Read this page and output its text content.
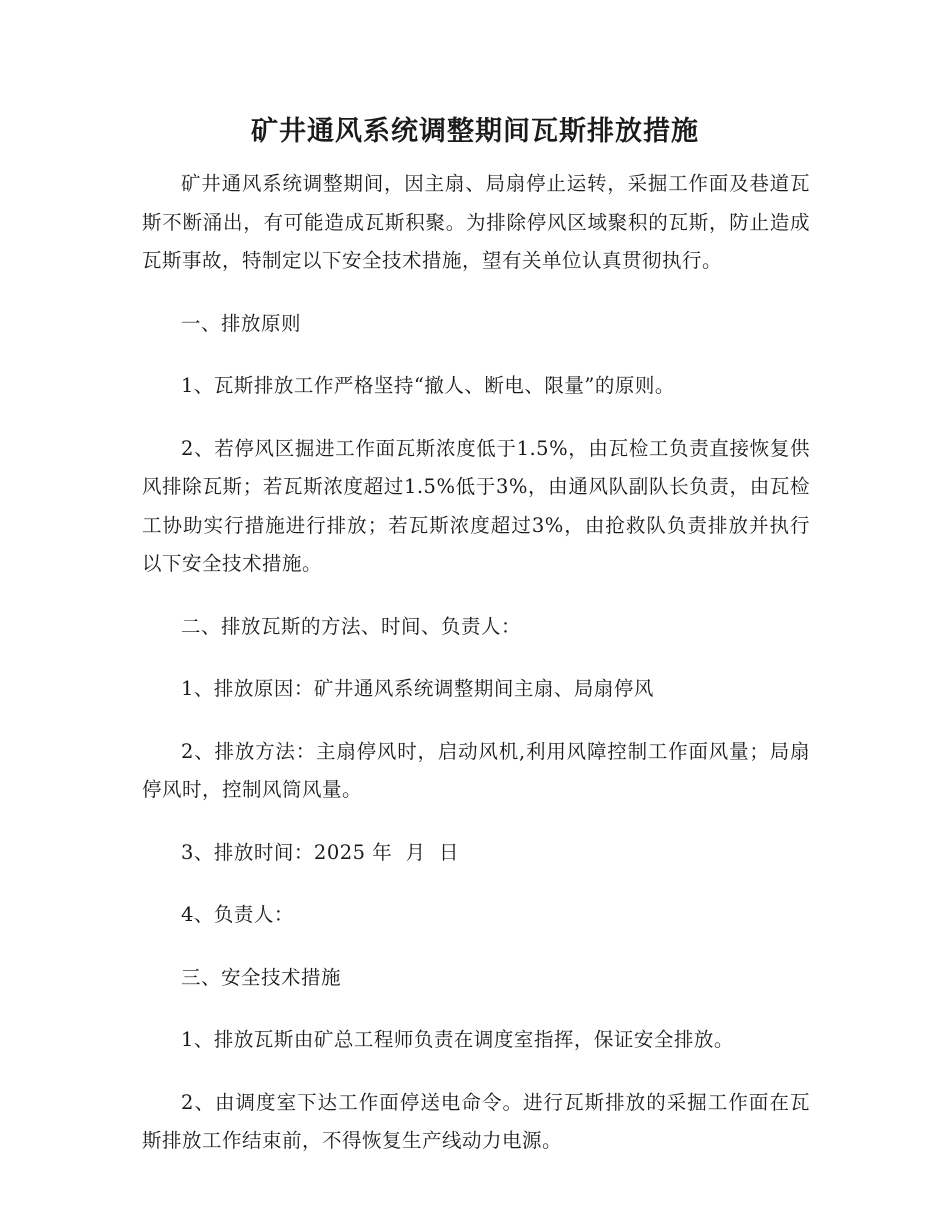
矿井通风系统调整期间瓦斯排放措施

矿井通风系统调整期间，因主扇、局扇停止运转，采掘工作面及巷道瓦斯不断涌出，有可能造成瓦斯积聚。为排除停风区域聚积的瓦斯，防止造成瓦斯事故，特制定以下安全技术措施，望有关单位认真贯彻执行。

一、排放原则

1、瓦斯排放工作严格坚持“撤人、断电、限量”的原则。

2、若停风区掘进工作面瓦斯浓度低于1.5%，由瓦检工负责直接恢复供风排除瓦斯；若瓦斯浓度超过1.5%低于3%，由通风队副队长负责，由瓦检工协助实行措施进行排放；若瓦斯浓度超过3%，由抢救队负责排放并执行以下安全技术措施。

二、排放瓦斯的方法、时间、负责人：

1、排放原因：矿井通风系统调整期间主扇、局扇停风

2、排放方法：主扇停风时，启动风机,利用风障控制工作面风量；局扇停风时，控制风筒风量。

3、排放时间：2025 年  月  日

4、负责人：

三、安全技术措施

1、排放瓦斯由矿总工程师负责在调度室指挥，保证安全排放。

2、由调度室下达工作面停送电命令。进行瓦斯排放的采掘工作面在瓦斯排放工作结束前，不得恢复生产线动力电源。
